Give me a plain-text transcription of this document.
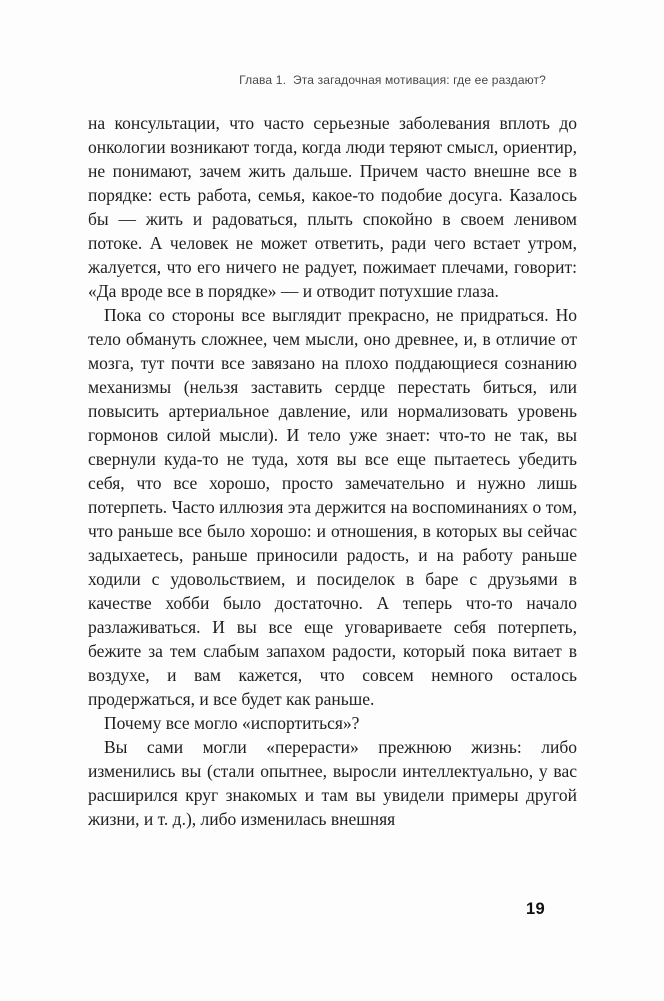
Глава 1.  Эта загадочная мотивация: где ее раздают?

на консультации, что часто серьезные заболевания вплоть до онкологии возникают тогда, когда люди теряют смысл, ориентир, не понимают, зачем жить дальше. Причем часто внешне все в порядке: есть работа, семья, какое-то подобие досуга. Казалось бы — жить и радоваться, плыть спокойно в своем ленивом потоке. А человек не может ответить, ради чего встает утром, жалуется, что его ничего не радует, пожимает плечами, говорит: «Да вроде все в порядке» — и отводит потухшие глаза.

Пока со стороны все выглядит прекрасно, не придраться. Но тело обмануть сложнее, чем мысли, оно древнее, и, в отличие от мозга, тут почти все завязано на плохо поддающиеся сознанию механизмы (нельзя заставить сердце перестать биться, или повысить артериальное давление, или нормализовать уровень гормонов силой мысли). И тело уже знает: что-то не так, вы свернули куда-то не туда, хотя вы все еще пытаетесь убедить себя, что все хорошо, просто замечательно и нужно лишь потерпеть. Часто иллюзия эта держится на воспоминаниях о том, что раньше все было хорошо: и отношения, в которых вы сейчас задыхаетесь, раньше приносили радость, и на работу раньше ходили с удовольствием, и посиделок в баре с друзьями в качестве хобби было достаточно. А теперь что-то начало разлаживаться. И вы все еще уговариваете себя потерпеть, бежите за тем слабым запахом радости, который пока витает в воздухе, и вам кажется, что совсем немного осталось продержаться, и все будет как раньше.

Почему все могло «испортиться»?

Вы сами могли «перерасти» прежнюю жизнь: либо изменились вы (стали опытнее, выросли интеллектуально, у вас расширился круг знакомых и там вы увидели примеры другой жизни, и т. д.), либо изменилась внешняя

19
